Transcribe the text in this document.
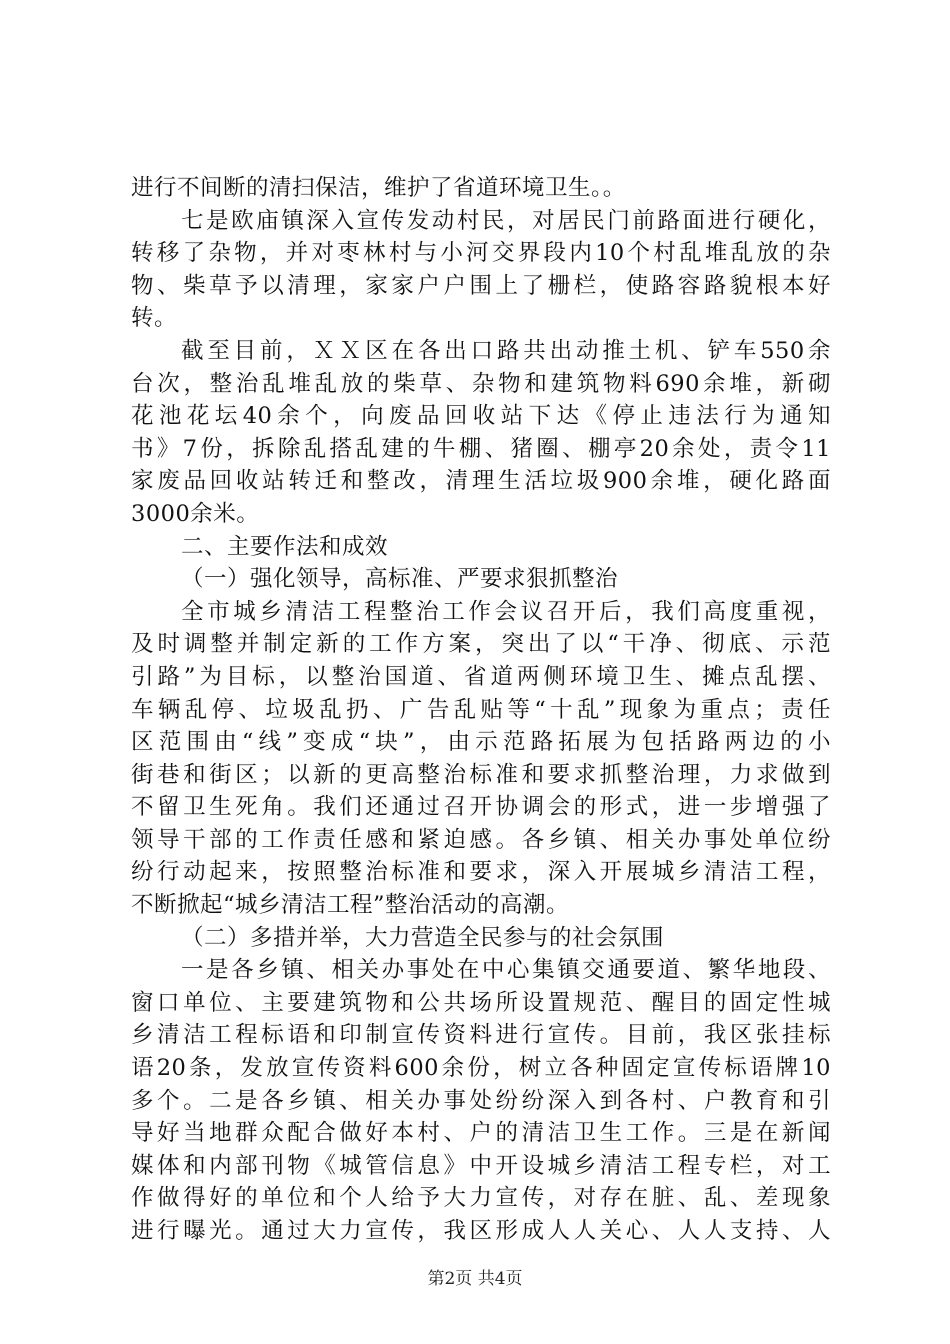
进行不间断的清扫保洁，维护了省道环境卫生。。
七是欧庙镇深入宣传发动村民，对居民门前路面进行硬化，
转移了杂物，并对枣林村与小河交界段内10个村乱堆乱放的杂
物、柴草予以清理，家家户户围上了栅栏，使路容路貌根本好
转。
截至目前，ＸＸ区在各出口路共出动推土机、铲车550余
台次，整治乱堆乱放的柴草、杂物和建筑物料690余堆，新砌
花池花坛40余个，向废品回收站下达《停止违法行为通知
书》7份，拆除乱搭乱建的牛棚、猪圈、棚亭20余处，责令11
家废品回收站转迁和整改，清理生活垃圾900余堆，硬化路面
3000余米。
二、主要作法和成效
（一）强化领导，高标准、严要求狠抓整治
全市城乡清洁工程整治工作会议召开后，我们高度重视，
及时调整并制定新的工作方案，突出了以“干净、彻底、示范
引路”为目标，以整治国道、省道两侧环境卫生、摊点乱摆、
车辆乱停、垃圾乱扔、广告乱贴等“十乱”现象为重点；责任
区范围由“线”变成“块”，由示范路拓展为包括路两边的小
街巷和街区；以新的更高整治标准和要求抓整治理，力求做到
不留卫生死角。我们还通过召开协调会的形式，进一步增强了
领导干部的工作责任感和紧迫感。各乡镇、相关办事处单位纷
纷行动起来，按照整治标准和要求，深入开展城乡清洁工程，
不断掀起“城乡清洁工程”整治活动的高潮。
（二）多措并举，大力营造全民参与的社会氛围
一是各乡镇、相关办事处在中心集镇交通要道、繁华地段、
窗口单位、主要建筑物和公共场所设置规范、醒目的固定性城
乡清洁工程标语和印制宣传资料进行宣传。目前，我区张挂标
语20条，发放宣传资料600余份，树立各种固定宣传标语牌10
多个。二是各乡镇、相关办事处纷纷深入到各村、户教育和引
导好当地群众配合做好本村、户的清洁卫生工作。三是在新闻
媒体和内部刊物《城管信息》中开设城乡清洁工程专栏，对工
作做得好的单位和个人给予大力宣传，对存在脏、乱、差现象
进行曝光。通过大力宣传，我区形成人人关心、人人支持、人
第2页 共4页
